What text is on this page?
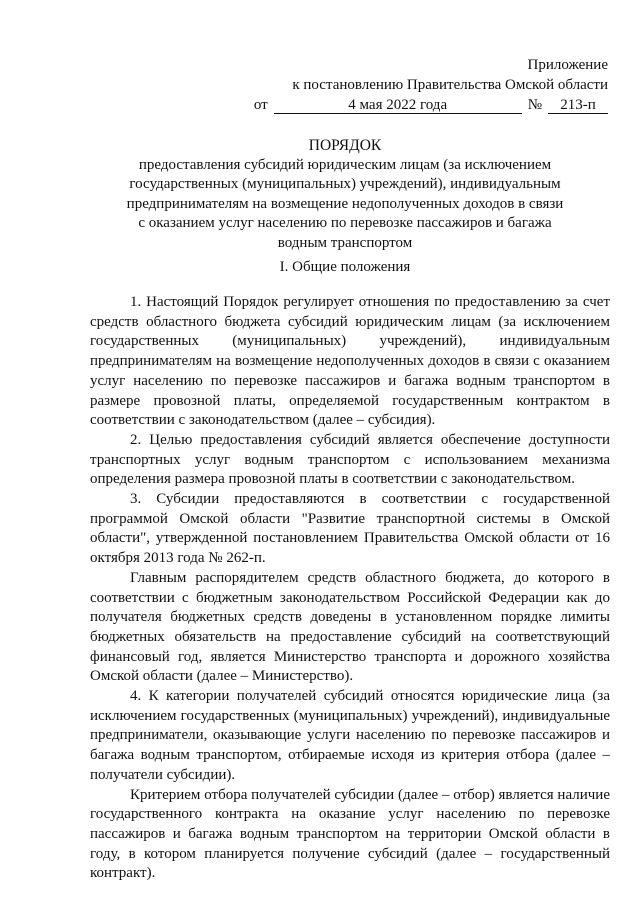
Приложение
к постановлению Правительства Омской области
от	4 мая 2022 года	№	213-п
ПОРЯДОК
предоставления субсидий юридическим лицам (за исключением
государственных (муниципальных) учреждений), индивидуальным
предпринимателям на возмещение недополученных доходов в связи
с оказанием услуг населению по перевозке пассажиров и багажа
водным транспортом
I. Общие положения

1. Настоящий Порядок регулирует отношения по предоставлению за счет средств областного бюджета субсидий юридическим лицам (за исключением государственных (муниципальных) учреждений), индивидуальным предпринимателям на возмещение недополученных доходов в связи с оказанием услуг населению по перевозке пассажиров и багажа водным транспортом в размере провозной платы, определяемой государственным контрактом в соответствии с законодательством (далее – субсидия).

2. Целью предоставления субсидий является обеспечение доступности транспортных услуг водным транспортом с использованием механизма определения размера провозной платы в соответствии с законодательством.

3. Субсидии предоставляются в соответствии с государственной программой Омской области "Развитие транспортной системы в Омской области", утвержденной постановлением Правительства Омской области от 16 октября 2013 года № 262-п.

Главным распорядителем средств областного бюджета, до которого в соответствии с бюджетным законодательством Российской Федерации как до получателя бюджетных средств доведены в установленном порядке лимиты бюджетных обязательств на предоставление субсидий на соответствующий финансовый год, является Министерство транспорта и дорожного хозяйства Омской области (далее – Министерство).

4. К категории получателей субсидий относятся юридические лица (за исключением государственных (муниципальных) учреждений), индивидуальные предприниматели, оказывающие услуги населению по перевозке пассажиров и багажа водным транспортом, отбираемые исходя из критерия отбора (далее – получатели субсидии).

Критерием отбора получателей субсидии (далее – отбор) является наличие государственного контракта на оказание услуг населению по перевозке пассажиров и багажа водным транспортом на территории Омской области в году, в котором планируется получение субсидий (далее – государственный контракт).
